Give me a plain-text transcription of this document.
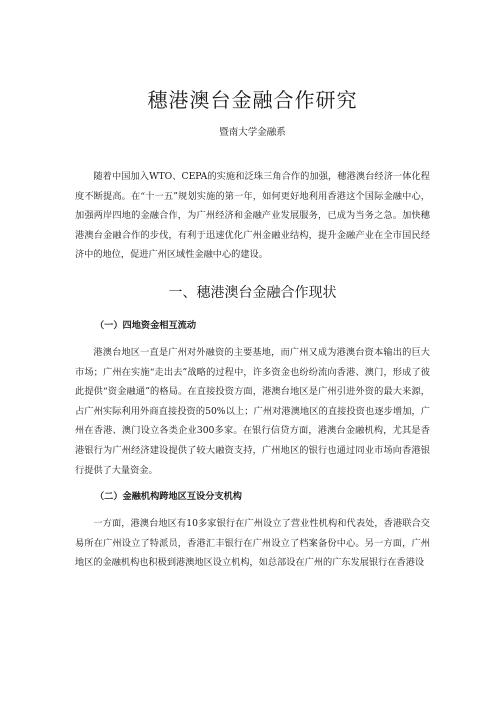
穗港澳台金融合作研究

暨南大学金融系

随着中国加入WTO、CEPA的实施和泛珠三角合作的加强，穗港澳台经济一体化程度不断提高。在“十一五”规划实施的第一年，如何更好地利用香港这个国际金融中心，加强两岸四地的金融合作，为广州经济和金融产业发展服务，已成为当务之急。加快穗港澳台金融合作的步伐，有利于迅速优化广州金融业结构，提升金融产业在全市国民经济中的地位，促进广州区域性金融中心的建设。

一、穗港澳台金融合作现状
（一）四地资金相互流动

港澳台地区一直是广州对外融资的主要基地，而广州又成为港澳台资本输出的巨大市场；广州在实施“走出去”战略的过程中，许多资金也纷纷流向香港、澳门，形成了彼此提供“资金融通”的格局。在直接投资方面，港澳台地区是广州引进外资的最大来源，占广州实际利用外商直接投资的50%以上；广州对港澳地区的直接投资也逐步增加，广州在香港、澳门设立各类企业300多家。在银行信贷方面，港澳台金融机构，尤其是香港银行为广州经济建设提供了较大融资支持，广州地区的银行也通过同业市场向香港银行提供了大量资金。

（二）金融机构跨地区互设分支机构

一方面，港澳台地区有10多家银行在广州设立了营业性机构和代表处，香港联合交易所在广州设立了特派员，香港汇丰银行在广州设立了档案备份中心。另一方面，广州地区的金融机构也积极到港澳地区设立机构，如总部设在广州的广东发展银行在香港设
